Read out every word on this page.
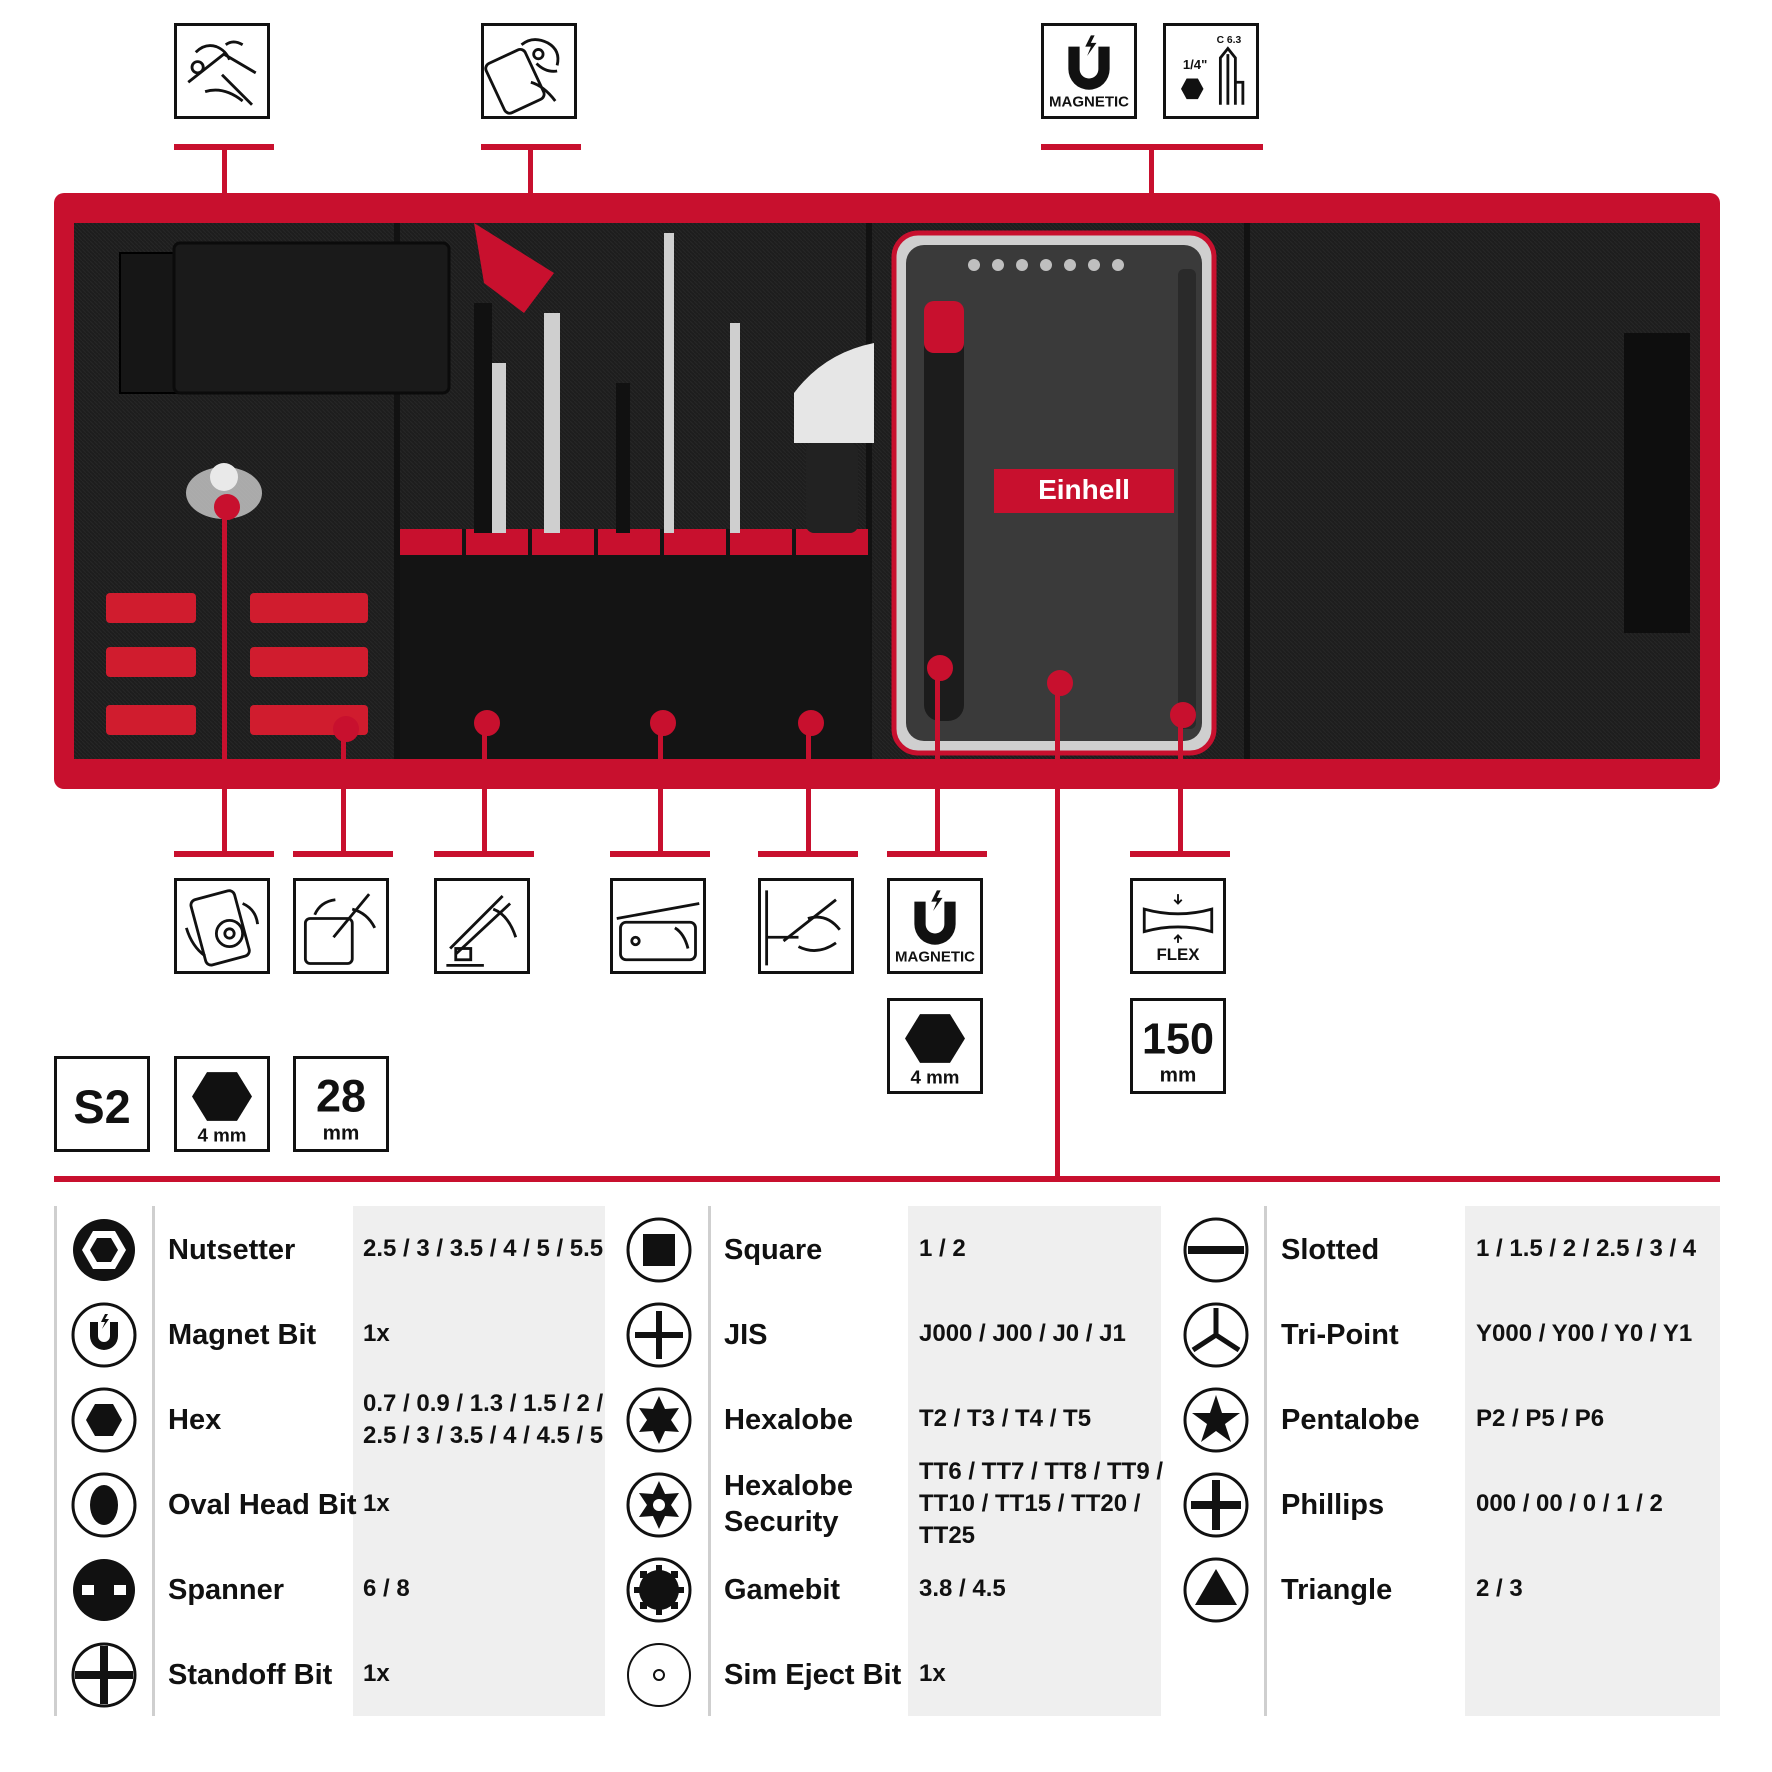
MAGNETIC
1/4"
C 6.3
Einhell
MAGNETIC	FLEX
4 mm
150
mm
S2
4 mm
28
mm
Nutsetter	2.5 / 3 / 3.5 / 4 / 5 / 5.5
Magnet Bit 1x
Hex
0.7 / 0.9 / 1.3 / 1.5 / 2 /
2.5 / 3 / 3.5 / 4 / 4.5 / 5
Oval Head Bit 1x
Spanner	6 / 8
Standoff Bit 1x
Square	1 / 2
JIS	J000 / J00 / J0 / J1
Hexalobe	T2 / T3 / T4 / T5
Hexalobe
Security
TT6 / TT7 / TT8 / TT9 /
TT10 / TT15 / TT20 /
TT25
Gamebit	3.8 / 4.5
Sim Eject Bit 1x
Slotted	1 / 1.5 / 2 / 2.5 / 3 / 4
Tri-Point	Y000 / Y00 / Y0 / Y1
Pentalobe P2 / P5 / P6
Phillips	000 / 00 / 0 / 1 / 2
Triangle	2 / 3
